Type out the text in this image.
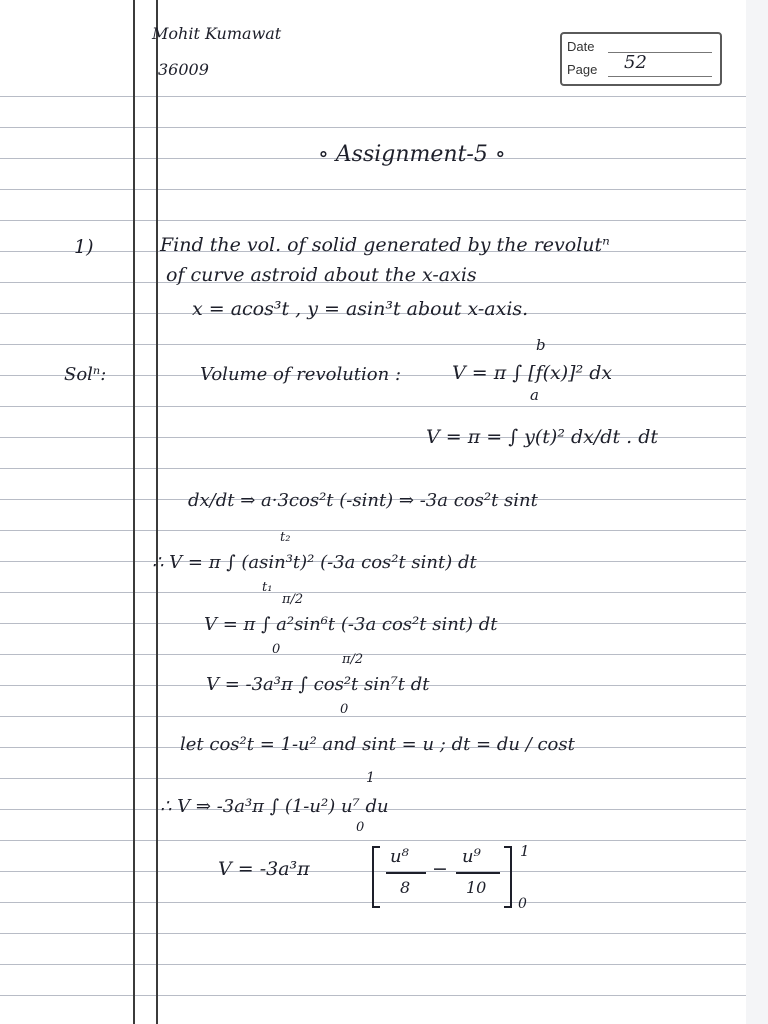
Mohit Kumawat
36009
Date
Page 52
∘ Assignment-5 ∘
1)	Find the vol. of solid generated by the revolutⁿ
of curve astroid about the x-axis
x = acos³t , y = asin³t about x-axis.
Solⁿ:	Volume of revolution :	V = π ∫ [f(x)]² dx
b
a
V = π = ∫ y(t)² dx/dt . dt
dx/dt ⇒ a·3cos²t (-sint) ⇒ -3a cos²t sint
∴ V = π ∫ (asin³t)² (-3a cos²t sint) dt
t₂
t₁
V = π ∫ a²sin⁶t (-3a cos²t sint) dt
π/2
0
V = -3a³π ∫ cos²t sin⁷t dt
π/2
0
let cos²t = 1-u² and sint = u ; dt = du / cost
∴ V ⇒ -3a³π ∫ (1-u²) u⁷ du
1
0
V = -3a³π
u⁸
8
−
u⁹
10
1
0
